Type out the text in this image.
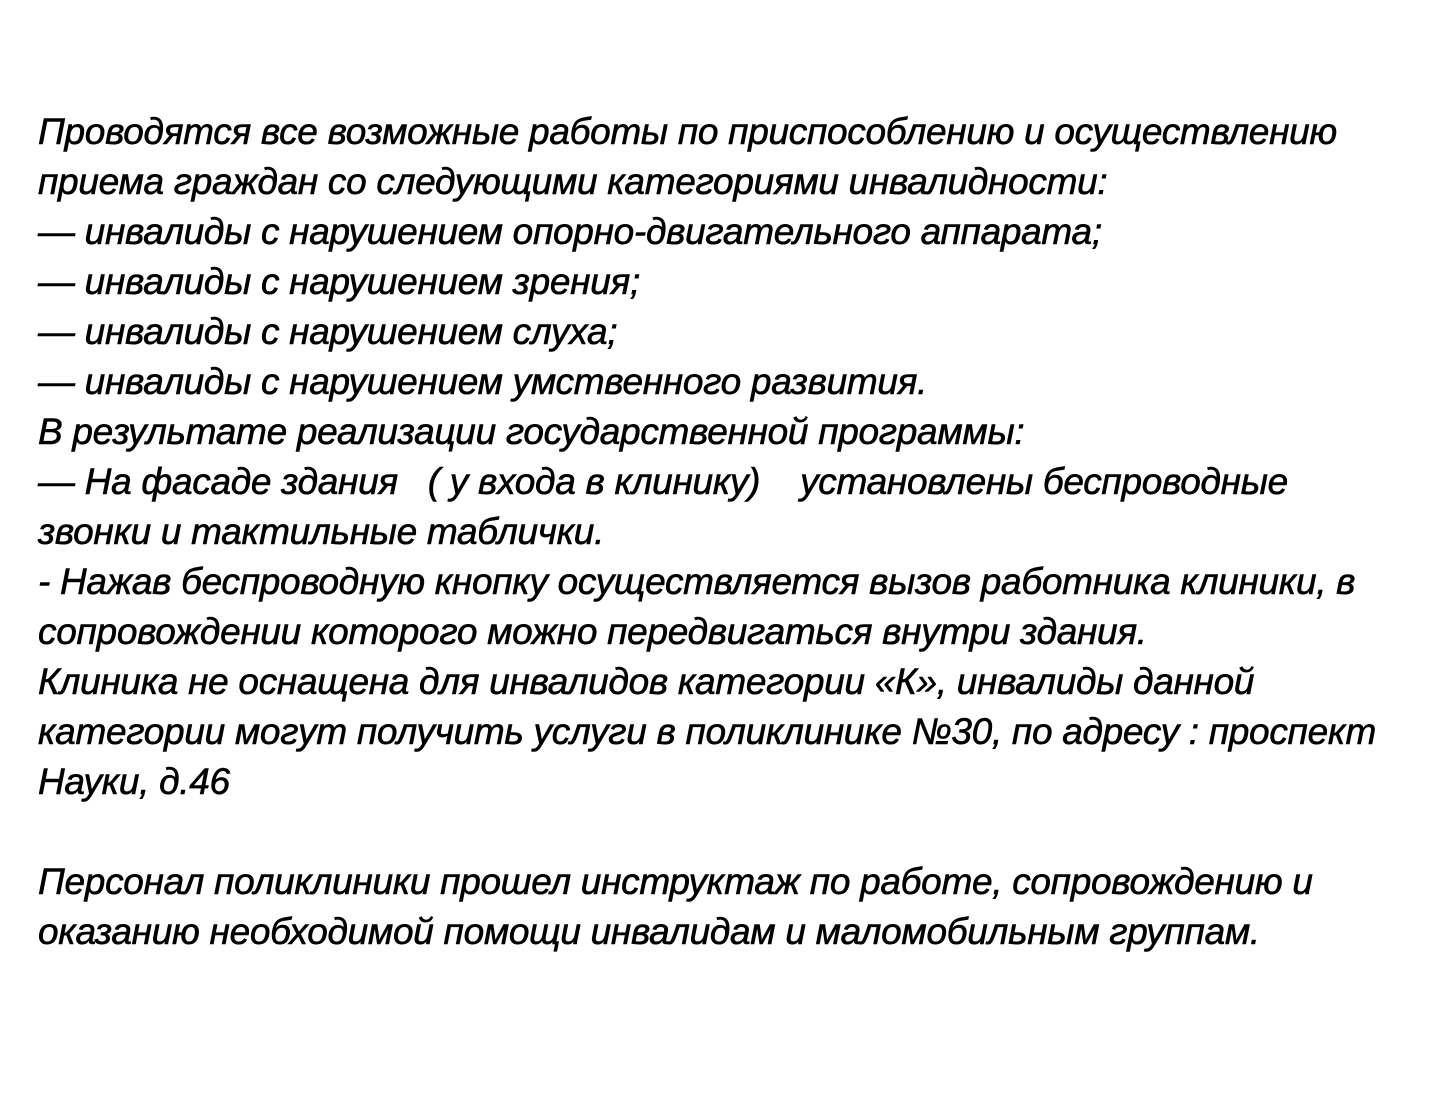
Проводятся все возможные работы по приспособлению и осуществлению
приема граждан со следующими категориями инвалидности:
— инвалиды с нарушением опорно-двигательного аппарата;
— инвалиды с нарушением зрения;
— инвалиды с нарушением слуха;
— инвалиды с нарушением умственного развития.
В результате реализации государственной программы:
— На фасаде здания   ( у входа в клинику)    установлены беспроводные
звонки и тактильные таблички.
- Нажав беспроводную кнопку осуществляется вызов работника клиники, в
сопровождении которого можно передвигаться внутри здания.
Клиника не оснащена для инвалидов категории «К», инвалиды данной
категории могут получить услуги в поликлинике №30, по адресу : проспект
Науки, д.46
Персонал поликлиники прошел инструктаж по работе, сопровождению и
оказанию необходимой помощи инвалидам и маломобильным группам.
